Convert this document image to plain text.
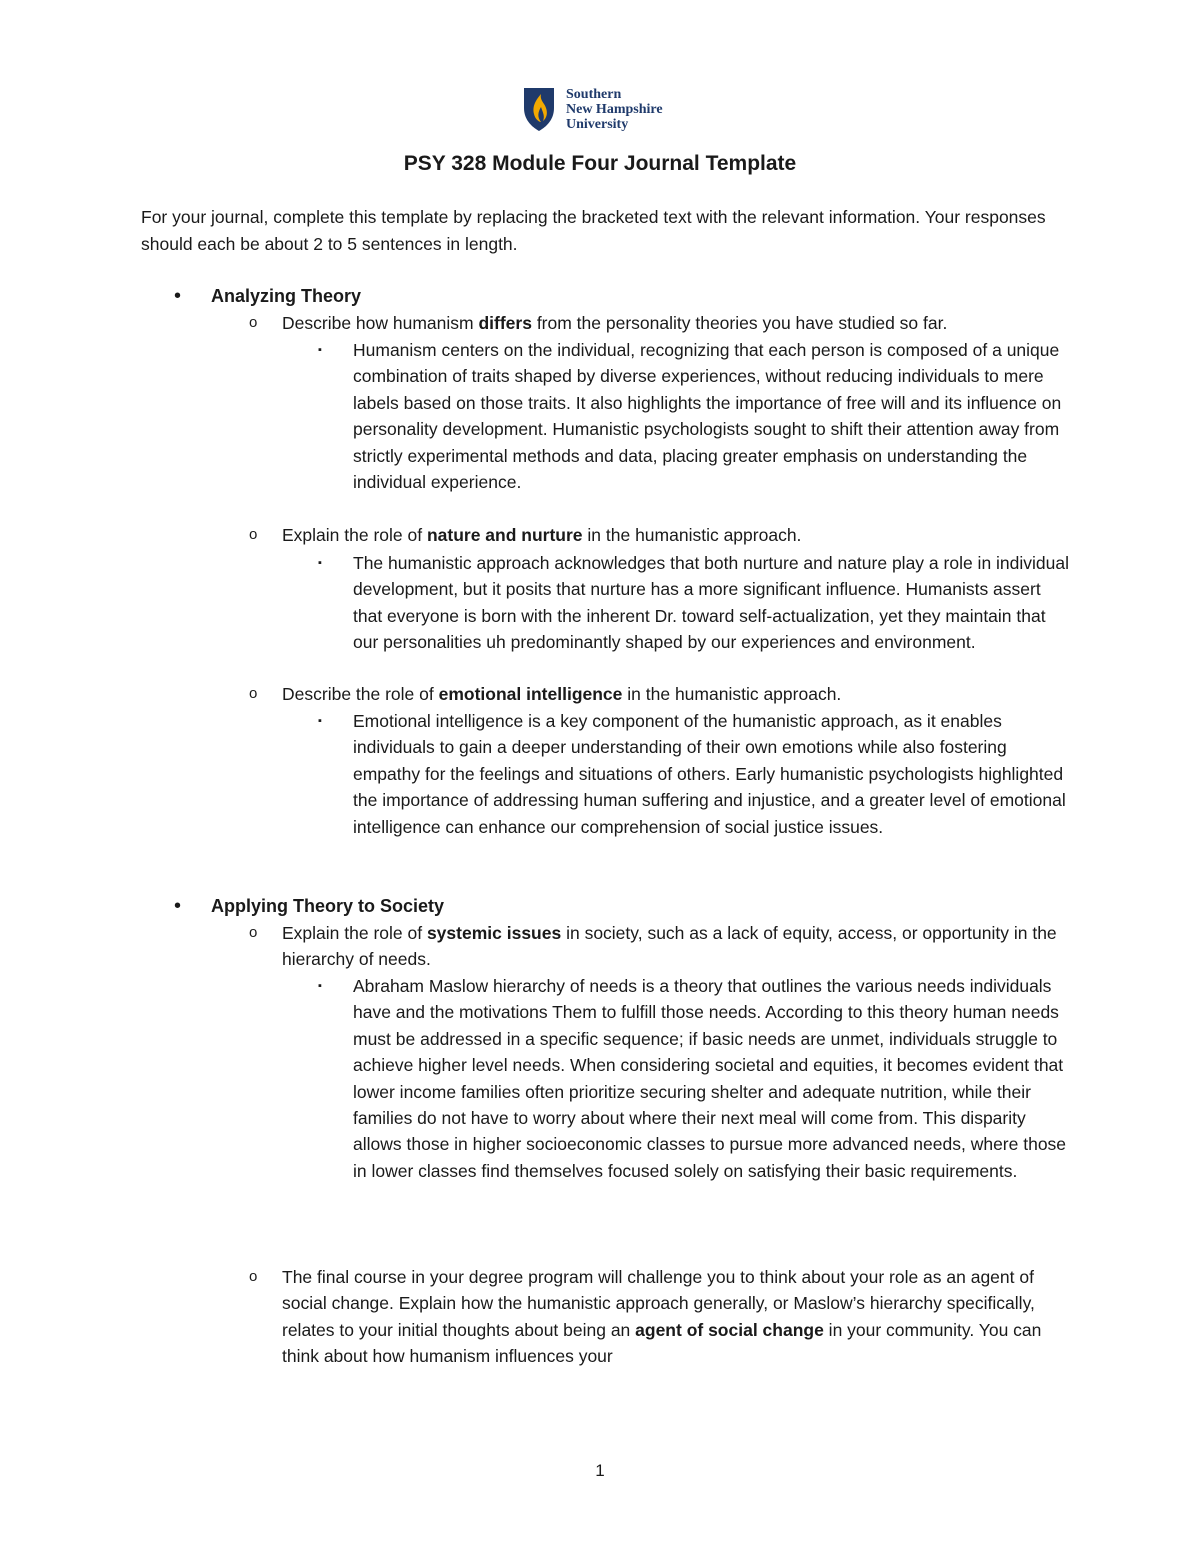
Southern
New Hampshire
University
PSY 328 Module Four Journal Template

For your journal, complete this template by replacing the bracketed text with the relevant information. Your responses should each be about 2 to 5 sentences in length.

• Analyzing Theory
o Describe how humanism differs from the personality theories you have studied so far.
▪ Humanism centers on the individual, recognizing that each person is composed of a unique combination of traits shaped by diverse experiences, without reducing individuals to mere labels based on those traits. It also highlights the importance of free will and its influence on personality development. Humanistic psychologists sought to shift their attention away from strictly experimental methods and data, placing greater emphasis on understanding the individual experience.
o Explain the role of nature and nurture in the humanistic approach.
▪ The humanistic approach acknowledges that both nurture and nature play a role in individual development, but it posits that nurture has a more significant influence. Humanists assert that everyone is born with the inherent Dr. toward self-actualization, yet they maintain that our personalities uh predominantly shaped by our experiences and environment.
o Describe the role of emotional intelligence in the humanistic approach.
▪ Emotional intelligence is a key component of the humanistic approach, as it enables individuals to gain a deeper understanding of their own emotions while also fostering empathy for the feelings and situations of others. Early humanistic psychologists highlighted the importance of addressing human suffering and injustice, and a greater level of emotional intelligence can enhance our comprehension of social justice issues.
• Applying Theory to Society
o Explain the role of systemic issues in society, such as a lack of equity, access, or opportunity in the hierarchy of needs.
▪ Abraham Maslow hierarchy of needs is a theory that outlines the various needs individuals have and the motivations Them to fulfill those needs. According to this theory human needs must be addressed in a specific sequence; if basic needs are unmet, individuals struggle to achieve higher level needs. When considering societal and equities, it becomes evident that lower income families often prioritize securing shelter and adequate nutrition, while their families do not have to worry about where their next meal will come from. This disparity allows those in higher socioeconomic classes to pursue more advanced needs, where those in lower classes find themselves focused solely on satisfying their basic requirements.
o The final course in your degree program will challenge you to think about your role as an agent of social change. Explain how the humanistic approach generally, or Maslow’s hierarchy specifically, relates to your initial thoughts about being an agent of social change in your community. You can think about how humanism influences your
1
